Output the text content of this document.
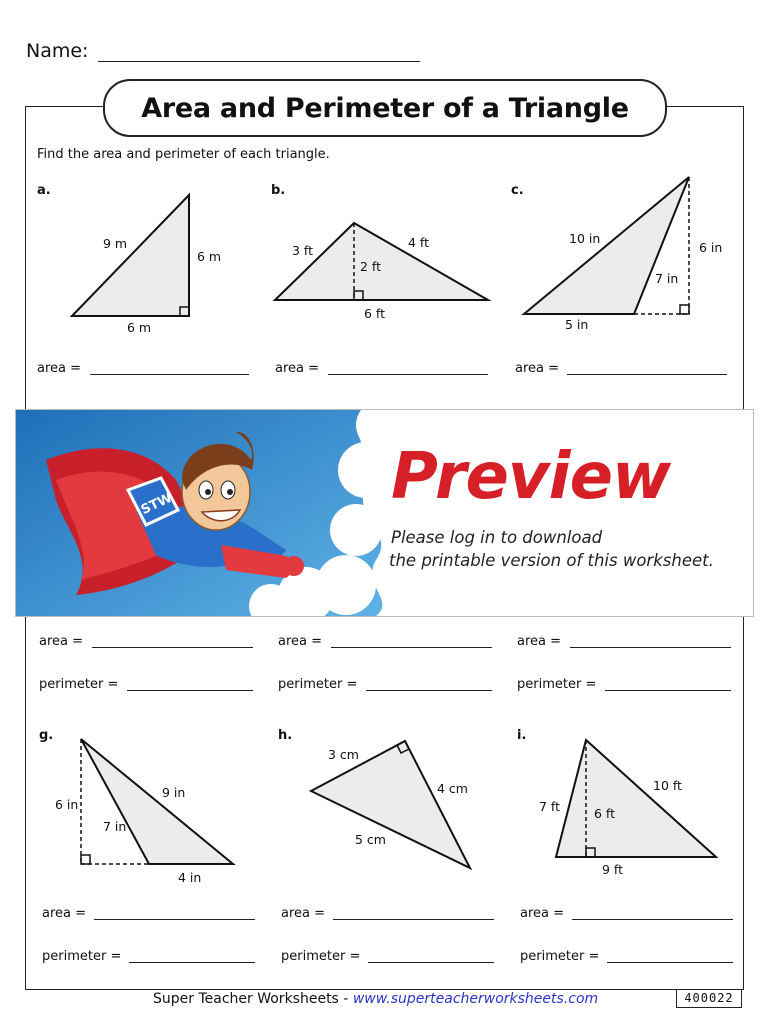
Name:
Area and Perimeter of a Triangle
Find the area and perimeter of each triangle.
a.
9 m
6 m
6 m
area =
b.
3 ft
4 ft
2 ft
6 ft
area =
c.
10 in
7 in
6 in
5 in
area =
STW	Preview
Please log in to download
the printable version of this worksheet.
area =	area =	area =
perimeter =	perimeter =	perimeter =
g.
6 in
7 in
9 in
4 in
area =
perimeter =
h.
3 cm
4 cm
5 cm
area =
perimeter =
i.
7 ft	6 ft
10 ft
9 ft
area =
perimeter =
Super Teacher Worksheets - www.superteacherworksheets.com	400022
